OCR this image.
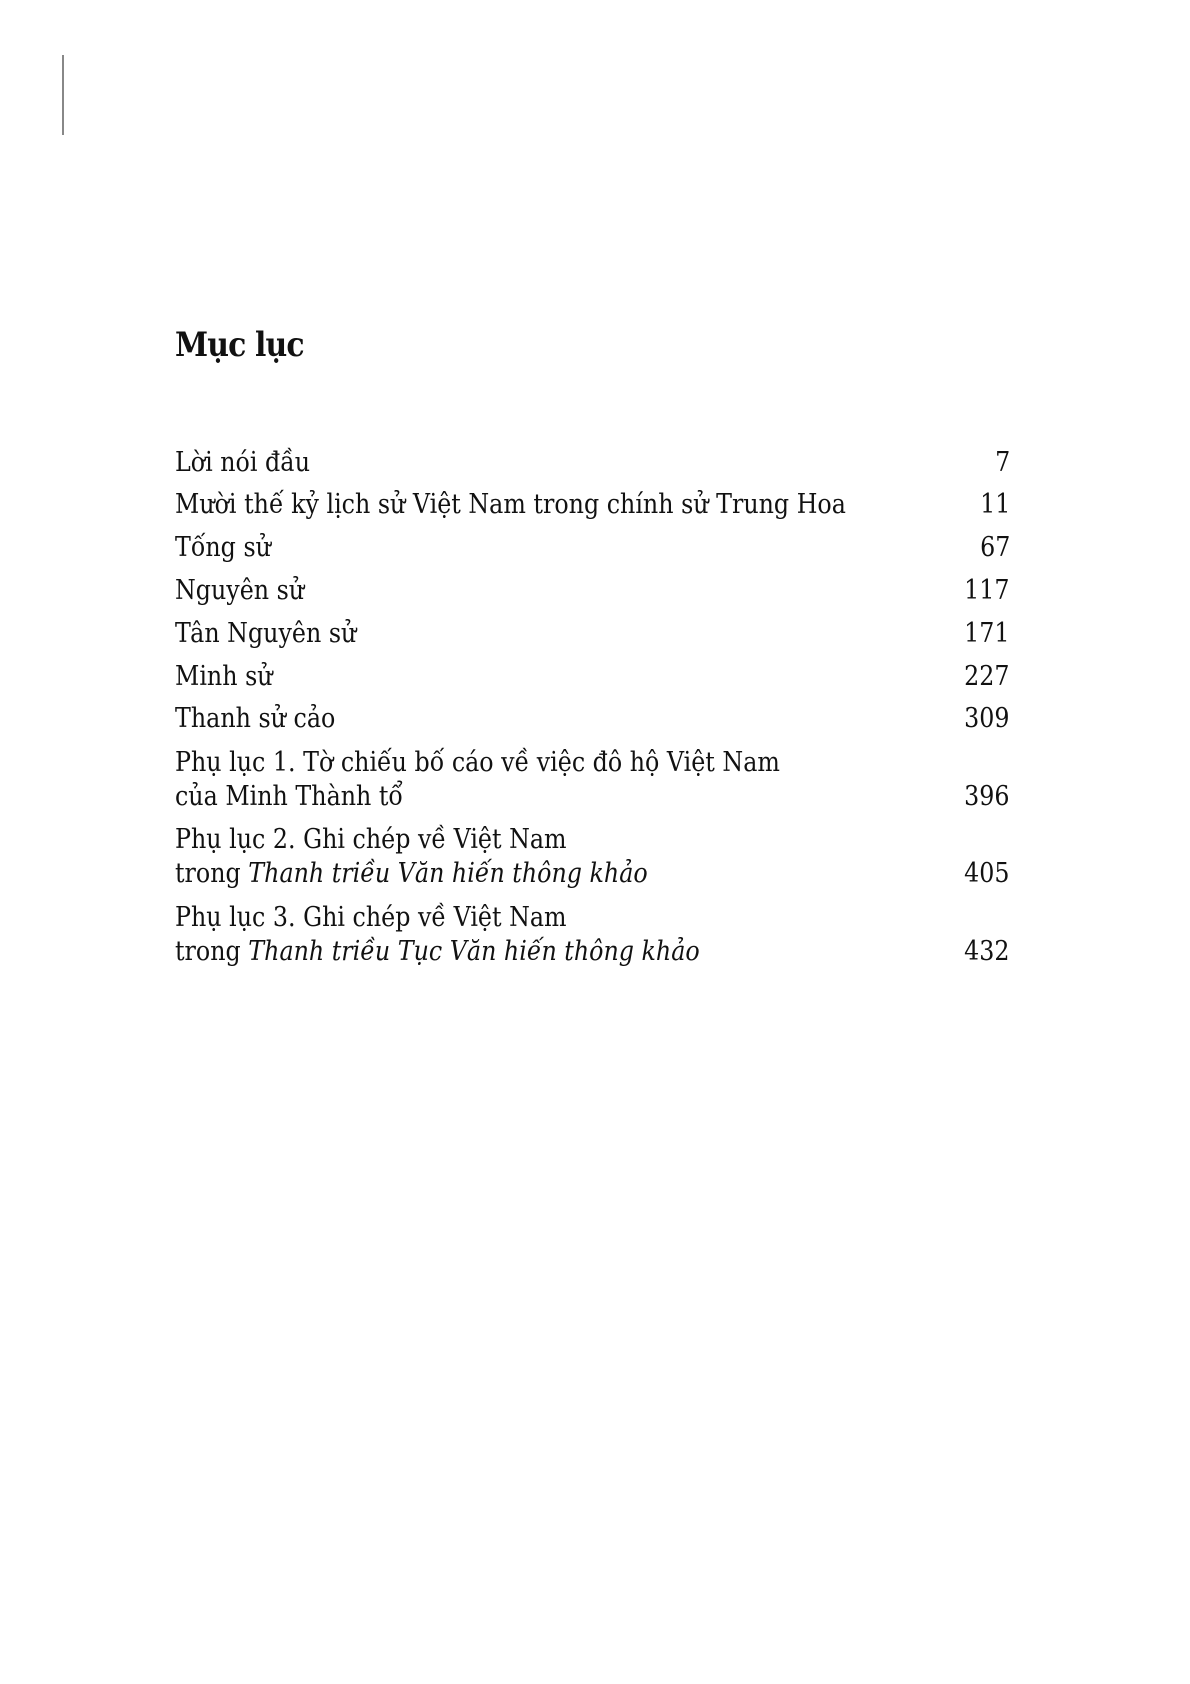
Mục lục
Lời nói đầu	7
Mười thế kỷ lịch sử Việt Nam trong chính sử Trung Hoa	11
Tống sử	67
Nguyên sử	117
Tân Nguyên sử	171
Minh sử	227
Thanh sử cảo	309
Phụ lục 1. Tờ chiếu bố cáo về việc đô hộ Việt Nam
của Minh Thành tổ	396
Phụ lục 2. Ghi chép về Việt Nam
trong Thanh triều Văn hiến thông khảo	405
Phụ lục 3. Ghi chép về Việt Nam
trong Thanh triều Tục Văn hiến thông khảo	432
